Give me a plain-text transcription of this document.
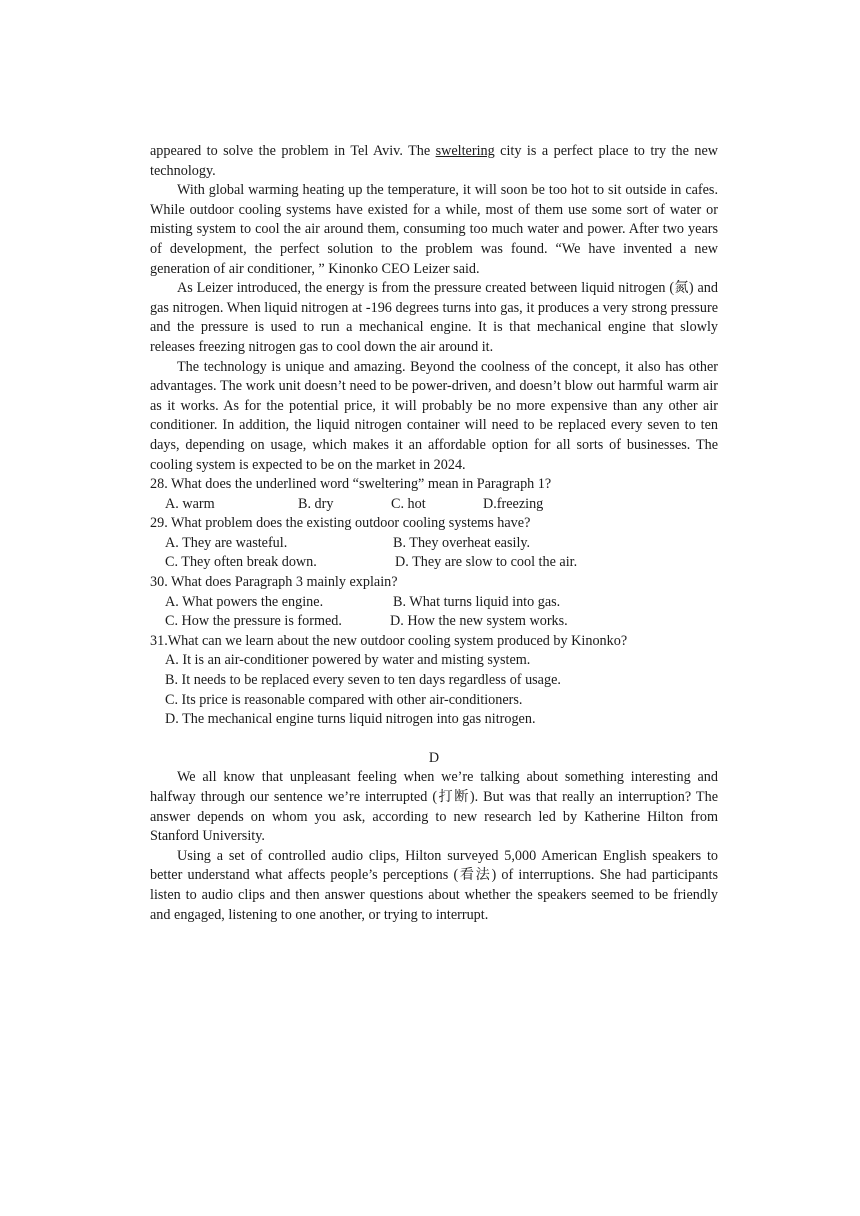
appeared to solve the problem in Tel Aviv. The sweltering city is a perfect place to try the new technology.

With global warming heating up the temperature, it will soon be too hot to sit outside in cafes. While outdoor cooling systems have existed for a while, most of them use some sort of water or misting system to cool the air around them, consuming too much water and power. After two years of development, the perfect solution to the problem was found. “We have invented a new generation of air conditioner, ” Kinonko CEO Leizer said.

As Leizer introduced, the energy is from the pressure created between liquid nitrogen (氮) and gas nitrogen. When liquid nitrogen at -196 degrees turns into gas, it produces a very strong pressure and the pressure is used to run a mechanical engine. It is that mechanical engine that slowly releases freezing nitrogen gas to cool down the air around it.

The technology is unique and amazing. Beyond the coolness of the concept, it also has other advantages. The work unit doesn’t need to be power-driven, and doesn’t blow out harmful warm air as it works. As for the potential price, it will probably be no more expensive than any other air conditioner. In addition, the liquid nitrogen container will need to be replaced every seven to ten days, depending on usage, which makes it an affordable option for all sorts of businesses. The cooling system is expected to be on the market in 2024.

28. What does the underlined word “sweltering” mean in Paragraph 1?

A. warm	B. dry	C. hot	D.freezing

29. What problem does the existing outdoor cooling systems have?

A. They are wasteful.	B. They overheat easily.

C. They often break down.	D. They are slow to cool the air.

30. What does Paragraph 3 mainly explain?

A. What powers the engine.	B. What turns liquid into gas.

C. How the pressure is formed.	D. How the new system works.

31.What can we learn about the new outdoor cooling system produced by Kinonko?

A. It is an air-conditioner powered by water and misting system.

B. It needs to be replaced every seven to ten days regardless of usage.

C. Its price is reasonable compared with other air-conditioners.

D. The mechanical engine turns liquid nitrogen into gas nitrogen.

D

We all know that unpleasant feeling when we’re talking about something interesting and halfway through our sentence we’re interrupted (打断). But was that really an interruption? The answer depends on whom you ask, according to new research led by Katherine Hilton from Stanford University.

Using a set of controlled audio clips, Hilton surveyed 5,000 American English speakers to better understand what affects people’s perceptions (看法) of interruptions. She had participants listen to audio clips and then answer questions about whether the speakers seemed to be friendly and engaged, listening to one another, or trying to interrupt.
